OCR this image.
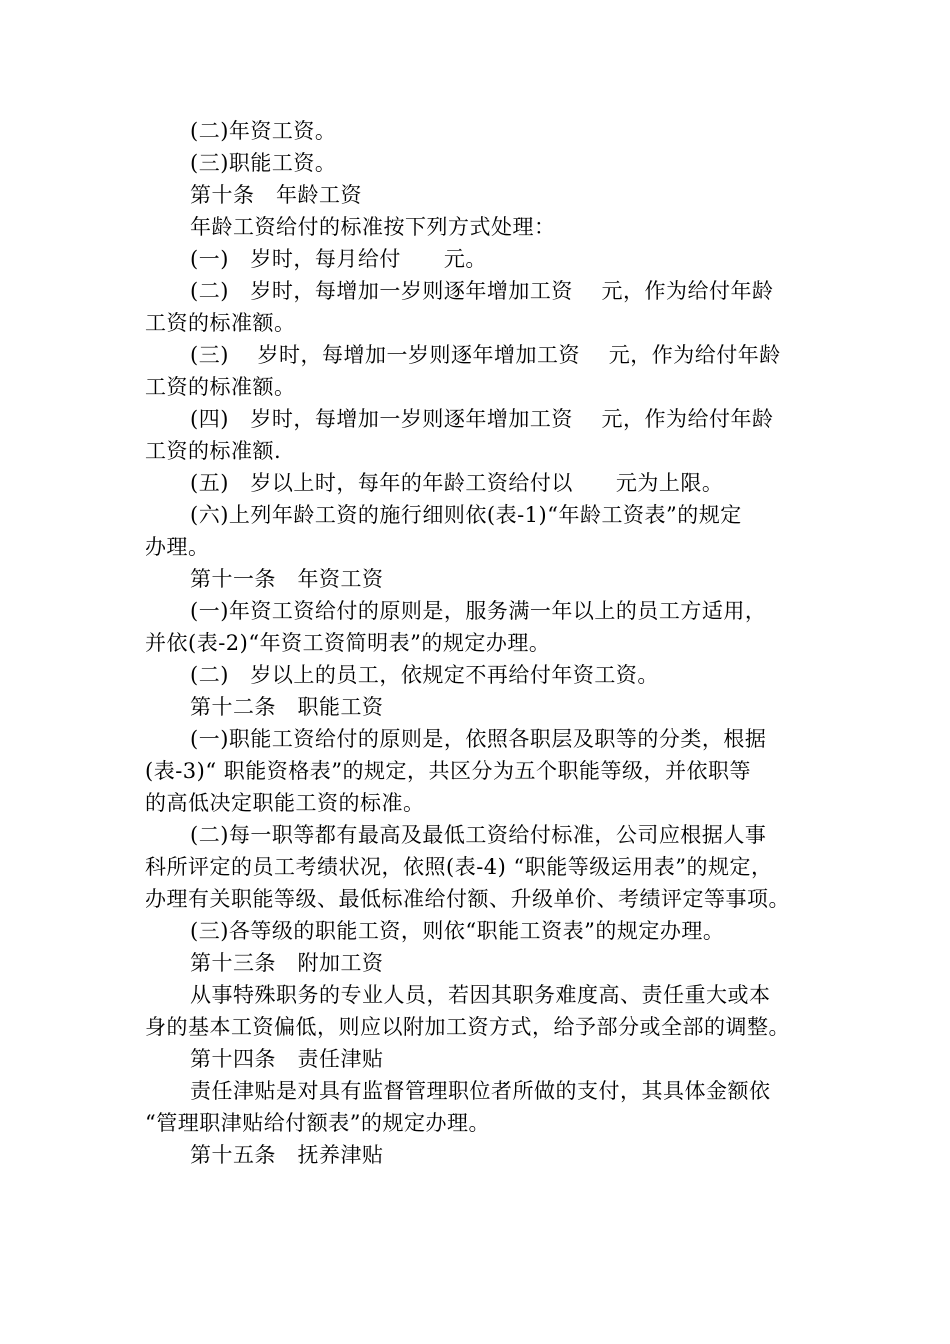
(二)年资工资。
(三)职能工资。
第十条　年龄工资
年龄工资给付的标准按下列方式处理：
(一)　岁时，每月给付　　元。
(二)　岁时，每增加一岁则逐年增加工资　 元，作为给付年龄
工资的标准额。
(三)　 岁时，每增加一岁则逐年增加工资　 元，作为给付年龄
工资的标准额。
(四)　岁时，每增加一岁则逐年增加工资　 元，作为给付年龄
工资的标准额.
(五)　岁以上时，每年的年龄工资给付以　　元为上限。
(六)上列年龄工资的施行细则依(表-1)“年龄工资表”的规定
办理。
第十一条　年资工资
(一)年资工资给付的原则是，服务满一年以上的员工方适用，
并依(表-2)“年资工资简明表”的规定办理。
(二)　岁以上的员工，依规定不再给付年资工资。
第十二条　职能工资
(一)职能工资给付的原则是，依照各职层及职等的分类，根据
(表-3)“ 职能资格表”的规定，共区分为五个职能等级，并依职等
的高低决定职能工资的标准。
(二)每一职等都有最高及最低工资给付标准，公司应根据人事
科所评定的员工考绩状况，依照(表-4) “职能等级运用表”的规定，
办理有关职能等级、最低标准给付额、升级单价、考绩评定等事项。
(三)各等级的职能工资，则依“职能工资表”的规定办理。
第十三条　附加工资
从事特殊职务的专业人员，若因其职务难度高、责任重大或本
身的基本工资偏低，则应以附加工资方式，给予部分或全部的调整。
第十四条　责任津贴
责任津贴是对具有监督管理职位者所做的支付，其具体金额依
“管理职津贴给付额表”的规定办理。
第十五条　抚养津贴
